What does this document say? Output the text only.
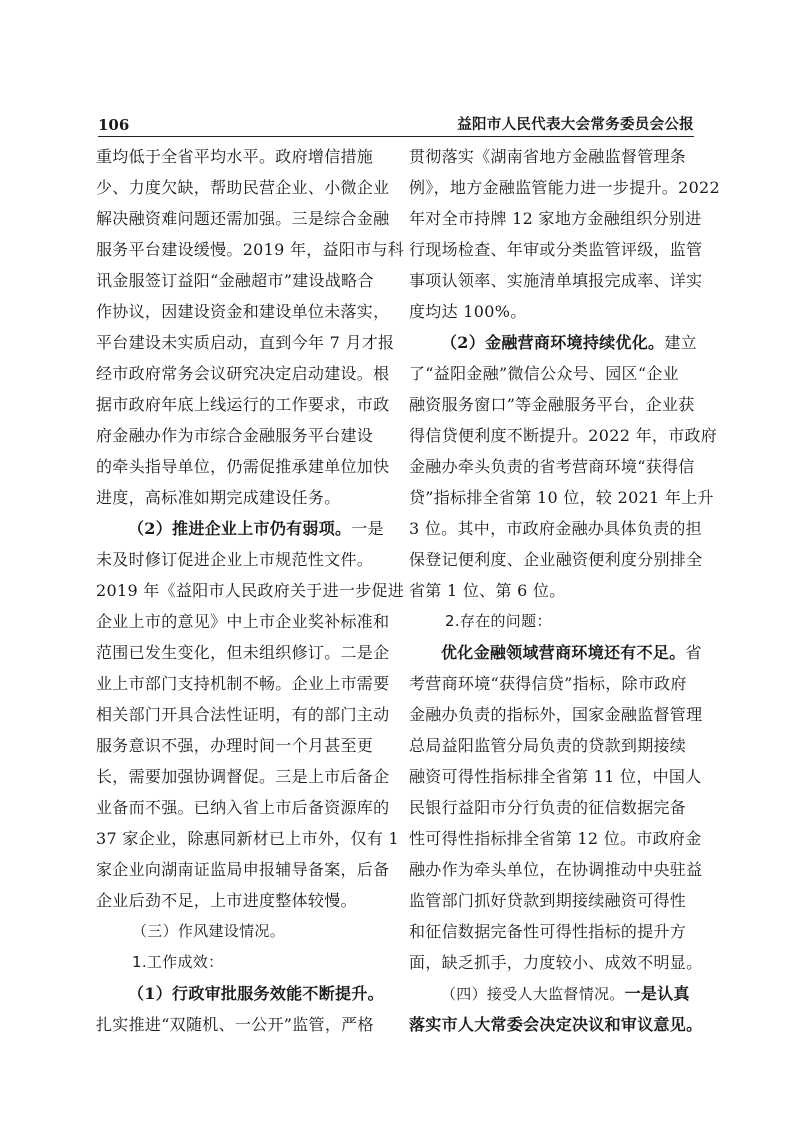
106	益阳市人民代表大会常务委员会公报
重均低于全省平均水平。政府增信措施
少、力度欠缺，帮助民营企业、小微企业
解决融资难问题还需加强。三是综合金融
服务平台建设缓慢。2019 年，益阳市与科
讯金服签订益阳“金融超市”建设战略合
作协议，因建设资金和建设单位未落实，
平台建设未实质启动，直到今年 7 月才报
经市政府常务会议研究决定启动建设。根
据市政府年底上线运行的工作要求，市政
府金融办作为市综合金融服务平台建设
的牵头指导单位，仍需促推承建单位加快
进度，高标准如期完成建设任务。
（2）推进企业上市仍有弱项。一是
未及时修订促进企业上市规范性文件。
2019 年《益阳市人民政府关于进一步促进
企业上市的意见》中上市企业奖补标准和
范围已发生变化，但未组织修订。二是企
业上市部门支持机制不畅。企业上市需要
相关部门开具合法性证明，有的部门主动
服务意识不强，办理时间一个月甚至更
长，需要加强协调督促。三是上市后备企
业备而不强。已纳入省上市后备资源库的
37 家企业，除惠同新材已上市外，仅有 1
家企业向湖南证监局申报辅导备案，后备
企业后劲不足，上市进度整体较慢。
（三）作风建设情况。
1.工作成效：
（1）行政审批服务效能不断提升。
扎实推进“双随机、一公开”监管，严格
贯彻落实《湖南省地方金融监督管理条
例》，地方金融监管能力进一步提升。2022
年对全市持牌 12 家地方金融组织分别进
行现场检查、年审或分类监管评级，监管
事项认领率、实施清单填报完成率、详实
度均达 100%。
（2）金融营商环境持续优化。建立
了“益阳金融”微信公众号、园区“企业
融资服务窗口”等金融服务平台，企业获
得信贷便利度不断提升。2022 年，市政府
金融办牵头负责的省考营商环境“获得信
贷”指标排全省第 10 位，较 2021 年上升
3 位。其中，市政府金融办具体负责的担
保登记便利度、企业融资便利度分别排全
省第 1 位、第 6 位。
2.存在的问题：
优化金融领域营商环境还有不足。省
考营商环境“获得信贷”指标，除市政府
金融办负责的指标外，国家金融监督管理
总局益阳监管分局负责的贷款到期接续
融资可得性指标排全省第 11 位，中国人
民银行益阳市分行负责的征信数据完备
性可得性指标排全省第 12 位。市政府金
融办作为牵头单位，在协调推动中央驻益
监管部门抓好贷款到期接续融资可得性
和征信数据完备性可得性指标的提升方
面，缺乏抓手，力度较小、成效不明显。
（四）接受人大监督情况。一是认真
落实市人大常委会决定决议和审议意见。
